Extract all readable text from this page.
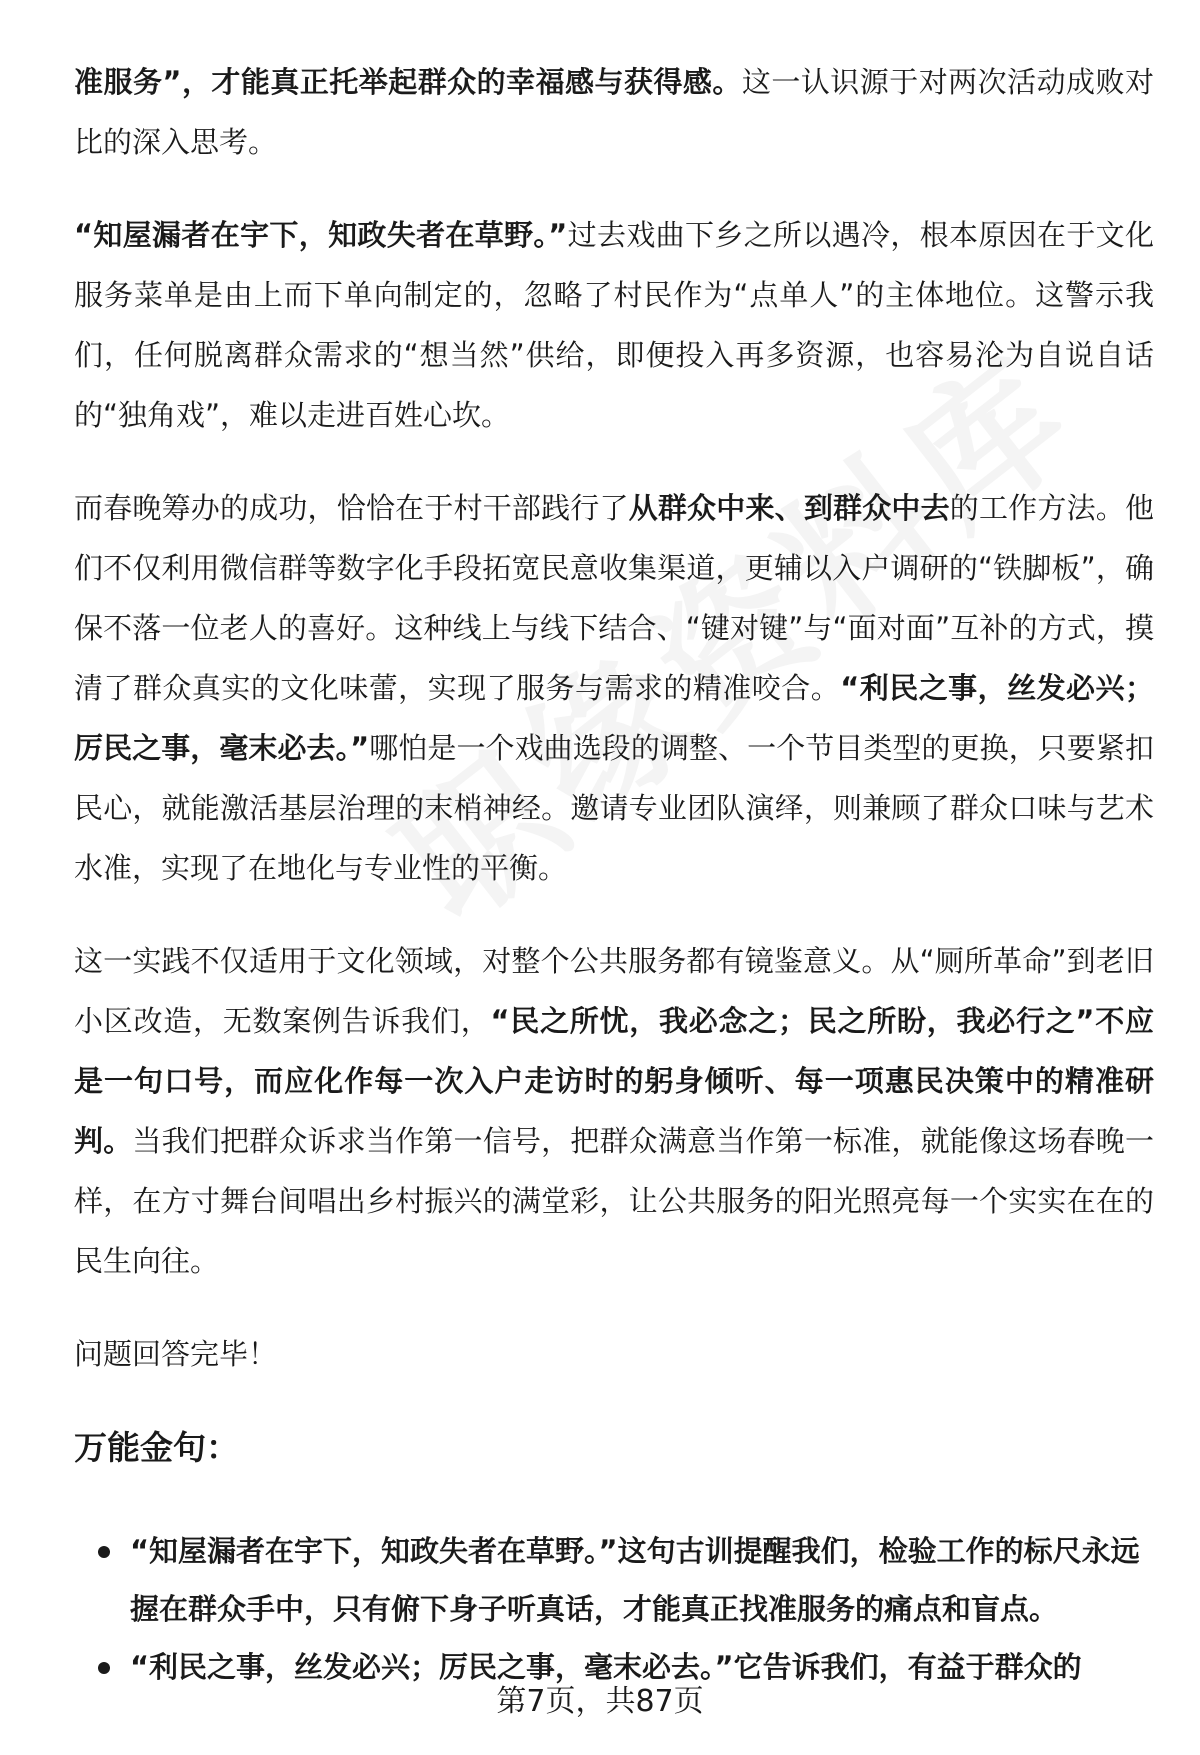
准服务”，才能真正托举起群众的幸福感与获得感。这一认识源于对两次活动成败对比的深入思考。

“知屋漏者在宇下，知政失者在草野。”过去戏曲下乡之所以遇冷，根本原因在于文化服务菜单是由上而下单向制定的，忽略了村民作为“点单人”的主体地位。这警示我们，任何脱离群众需求的“想当然”供给，即便投入再多资源，也容易沦为自说自话的“独角戏”，难以走进百姓心坎。

而春晚筹办的成功，恰恰在于村干部践行了从群众中来、到群众中去的工作方法。他们不仅利用微信群等数字化手段拓宽民意收集渠道，更辅以入户调研的“铁脚板”，确保不落一位老人的喜好。这种线上与线下结合、“键对键”与“面对面”互补的方式，摸清了群众真实的文化味蕾，实现了服务与需求的精准咬合。“利民之事，丝发必兴；厉民之事，毫末必去。”哪怕是一个戏曲选段的调整、一个节目类型的更换，只要紧扣民心，就能激活基层治理的末梢神经。邀请专业团队演绎，则兼顾了群众口味与艺术水准，实现了在地化与专业性的平衡。

这一实践不仅适用于文化领域，对整个公共服务都有镜鉴意义。从“厕所革命”到老旧小区改造，无数案例告诉我们，“民之所忧，我必念之；民之所盼，我必行之”不应是一句口号，而应化作每一次入户走访时的躬身倾听、每一项惠民决策中的精准研判。当我们把群众诉求当作第一信号，把群众满意当作第一标准，就能像这场春晚一样，在方寸舞台间唱出乡村振兴的满堂彩，让公共服务的阳光照亮每一个实实在在的民生向往。

问题回答完毕！

万能金句：
“知屋漏者在宇下，知政失者在草野。”这句古训提醒我们，检验工作的标尺永远握在群众手中，只有俯下身子听真话，才能真正找准服务的痛点和盲点。
“利民之事，丝发必兴；厉民之事，毫末必去。”它告诉我们，有益于群众的
第7页，共87页
